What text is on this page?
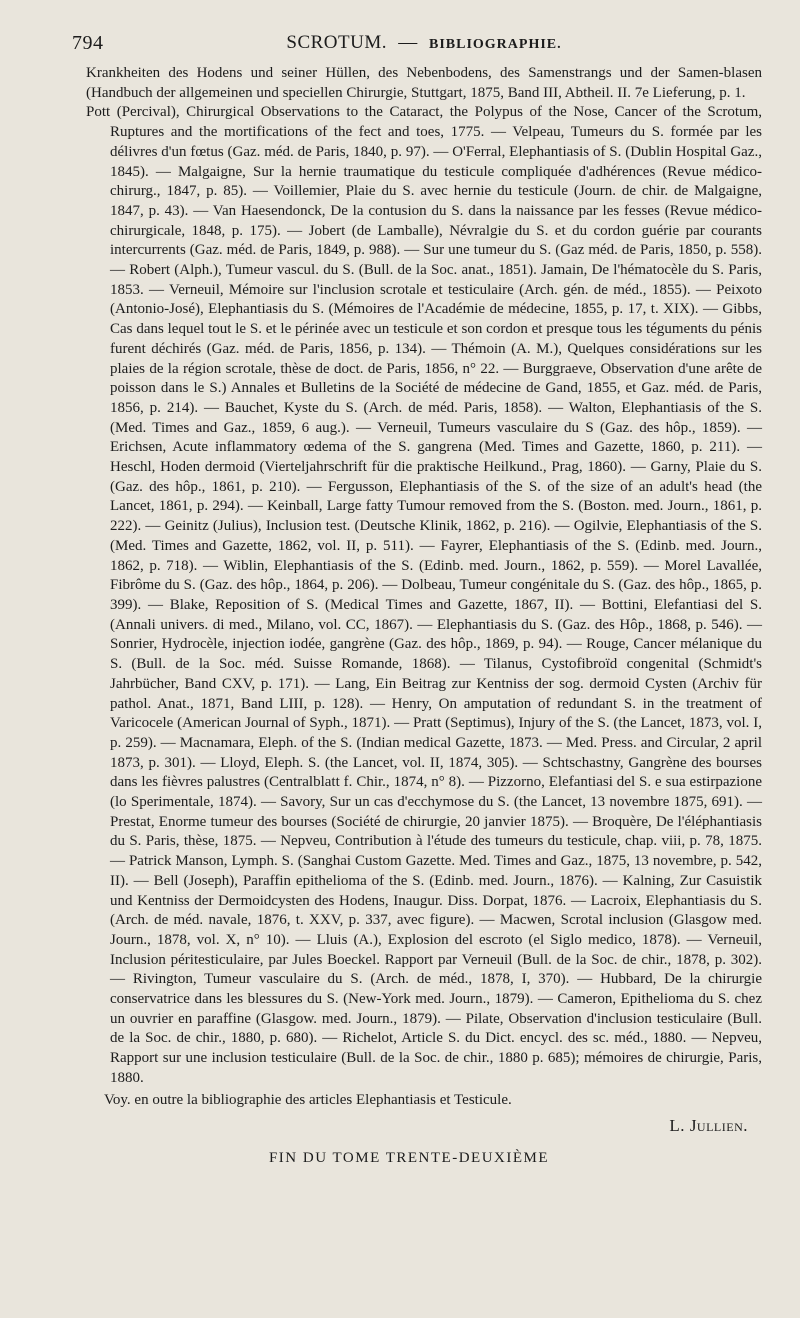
794	SCROTUM. — BIBLIOGRAPHIE.

Krankheiten des Hodens und seiner Hüllen, des Nebenbodens, des Samenstrangs und der Samen-blasen (Handbuch der allgemeinen und speciellen Chirurgie, Stuttgart, 1875, Band III, Abtheil. II. 7e Lieferung, p. 1.

Pott (Percival), Chirurgical Observations to the Cataract, the Polypus of the Nose, Cancer of the Scrotum, Ruptures and the mortifications of the fect and toes, 1775. — Velpeau, Tumeurs du S. formée par les délivres d'un fœtus (Gaz. méd. de Paris, 1840, p. 97). — O'Ferral, Elephantiasis of S. (Dublin Hospital Gaz., 1845). — Malgaigne, Sur la hernie traumatique du testicule compliquée d'adhérences (Revue médico-chirurg., 1847, p. 85). — Voillemier, Plaie du S. avec hernie du testicule (Journ. de chir. de Malgaigne, 1847, p. 43). — Van Haesendonck, De la contusion du S. dans la naissance par les fesses (Revue médico-chirurgicale, 1848, p. 175). — Jobert (de Lamballe), Névralgie du S. et du cordon guérie par courants intercurrents (Gaz. méd. de Paris, 1849, p. 988). — Sur une tumeur du S. (Gaz méd. de Paris, 1850, p. 558). — Robert (Alph.), Tumeur vascul. du S. (Bull. de la Soc. anat., 1851). Jamain, De l'hématocèle du S. Paris, 1853. — Verneuil, Mémoire sur l'inclusion scrotale et testiculaire (Arch. gén. de méd., 1855). — Peixoto (Antonio-José), Elephantiasis du S. (Mémoires de l'Académie de médecine, 1855, p. 17, t. XIX). — Gibbs, Cas dans lequel tout le S. et le périnée avec un testicule et son cordon et presque tous les téguments du pénis furent déchirés (Gaz. méd. de Paris, 1856, p. 134). — Thémoin (A. M.), Quelques considérations sur les plaies de la région scrotale, thèse de doct. de Paris, 1856, n° 22. — Burggraeve, Observation d'une arête de poisson dans le S.) Annales et Bulletins de la Société de médecine de Gand, 1855, et Gaz. méd. de Paris, 1856, p. 214). — Bauchet, Kyste du S. (Arch. de méd. Paris, 1858). — Walton, Elephantiasis of the S. (Med. Times and Gaz., 1859, 6 aug.). — Verneuil, Tumeurs vasculaire du S (Gaz. des hôp., 1859). — Erichsen, Acute inflammatory œdema of the S. gangrena (Med. Times and Gazette, 1860, p. 211). — Heschl, Hoden dermoid (Vierteljahrschrift für die praktische Heilkund., Prag, 1860). — Garny, Plaie du S. (Gaz. des hôp., 1861, p. 210). — Fergusson, Elephantiasis of the S. of the size of an adult's head (the Lancet, 1861, p. 294). — Keinball, Large fatty Tumour removed from the S. (Boston. med. Journ., 1861, p. 222). — Geinitz (Julius), Inclusion test. (Deutsche Klinik, 1862, p. 216). — Ogilvie, Elephantiasis of the S. (Med. Times and Gazette, 1862, vol. II, p. 511). — Fayrer, Elephantiasis of the S. (Edinb. med. Journ., 1862, p. 718). — Wiblin, Elephantiasis of the S. (Edinb. med. Journ., 1862, p. 559). — Morel Lavallée, Fibrôme du S. (Gaz. des hôp., 1864, p. 206). — Dolbeau, Tumeur congénitale du S. (Gaz. des hôp., 1865, p. 399). — Blake, Reposition of S. (Medical Times and Gazette, 1867, II). — Bottini, Elefantiasi del S. (Annali univers. di med., Milano, vol. CC, 1867). — Elephantiasis du S. (Gaz. des Hôp., 1868, p. 546). — Sonrier, Hydrocèle, injection iodée, gangrène (Gaz. des hôp., 1869, p. 94). — Rouge, Cancer mélanique du S. (Bull. de la Soc. méd. Suisse Romande, 1868). — Tilanus, Cystofibroïd congenital (Schmidt's Jahrbücher, Band CXV, p. 171). — Lang, Ein Beitrag zur Kentniss der sog. dermoid Cysten (Archiv für pathol. Anat., 1871, Band LIII, p. 128). — Henry, On amputation of redundant S. in the treatment of Varicocele (American Journal of Syph., 1871). — Pratt (Septimus), Injury of the S. (the Lancet, 1873, vol. I, p. 259). — Macnamara, Eleph. of the S. (Indian medical Gazette, 1873. — Med. Press. and Circular, 2 april 1873, p. 301). — Lloyd, Eleph. S. (the Lancet, vol. II, 1874, 305). — Schtschastny, Gangrène des bourses dans les fièvres palustres (Centralblatt f. Chir., 1874, n° 8). — Pizzorno, Elefantiasi del S. e sua estirpazione (lo Sperimentale, 1874). — Savory, Sur un cas d'ecchymose du S. (the Lancet, 13 novembre 1875, 691). — Prestat, Enorme tumeur des bourses (Société de chirurgie, 20 janvier 1875). — Broquère, De l'éléphantiasis du S. Paris, thèse, 1875. — Nepveu, Contribution à l'étude des tumeurs du testicule, chap. viii, p. 78, 1875. — Patrick Manson, Lymph. S. (Sanghai Custom Gazette. Med. Times and Gaz., 1875, 13 novembre, p. 542, II). — Bell (Joseph), Paraffin epithelioma of the S. (Edinb. med. Journ., 1876). — Kalning, Zur Casuistik und Kentniss der Dermoidcysten des Hodens, Inaugur. Diss. Dorpat, 1876. — Lacroix, Elephantiasis du S. (Arch. de méd. navale, 1876, t. XXV, p. 337, avec figure). — Macwen, Scrotal inclusion (Glasgow med. Journ., 1878, vol. X, n° 10). — Lluis (A.), Explosion del escroto (el Siglo medico, 1878). — Verneuil, Inclusion péritesticulaire, par Jules Boeckel. Rapport par Verneuil (Bull. de la Soc. de chir., 1878, p. 302). — Rivington, Tumeur vasculaire du S. (Arch. de méd., 1878, I, 370). — Hubbard, De la chirurgie conservatrice dans les blessures du S. (New-York med. Journ., 1879). — Cameron, Epithelioma du S. chez un ouvrier en paraffine (Glasgow. med. Journ., 1879). — Pilate, Observation d'inclusion testiculaire (Bull. de la Soc. de chir., 1880, p. 680). — Richelot, Article S. du Dict. encycl. des sc. méd., 1880. — Nepveu, Rapport sur une inclusion testiculaire (Bull. de la Soc. de chir., 1880 p. 685); mémoires de chirurgie, Paris, 1880.

Voy. en outre la bibliographie des articles Elephantiasis et Testicule.

L. Jullien.
FIN DU TOME TRENTE-DEUXIÈME
